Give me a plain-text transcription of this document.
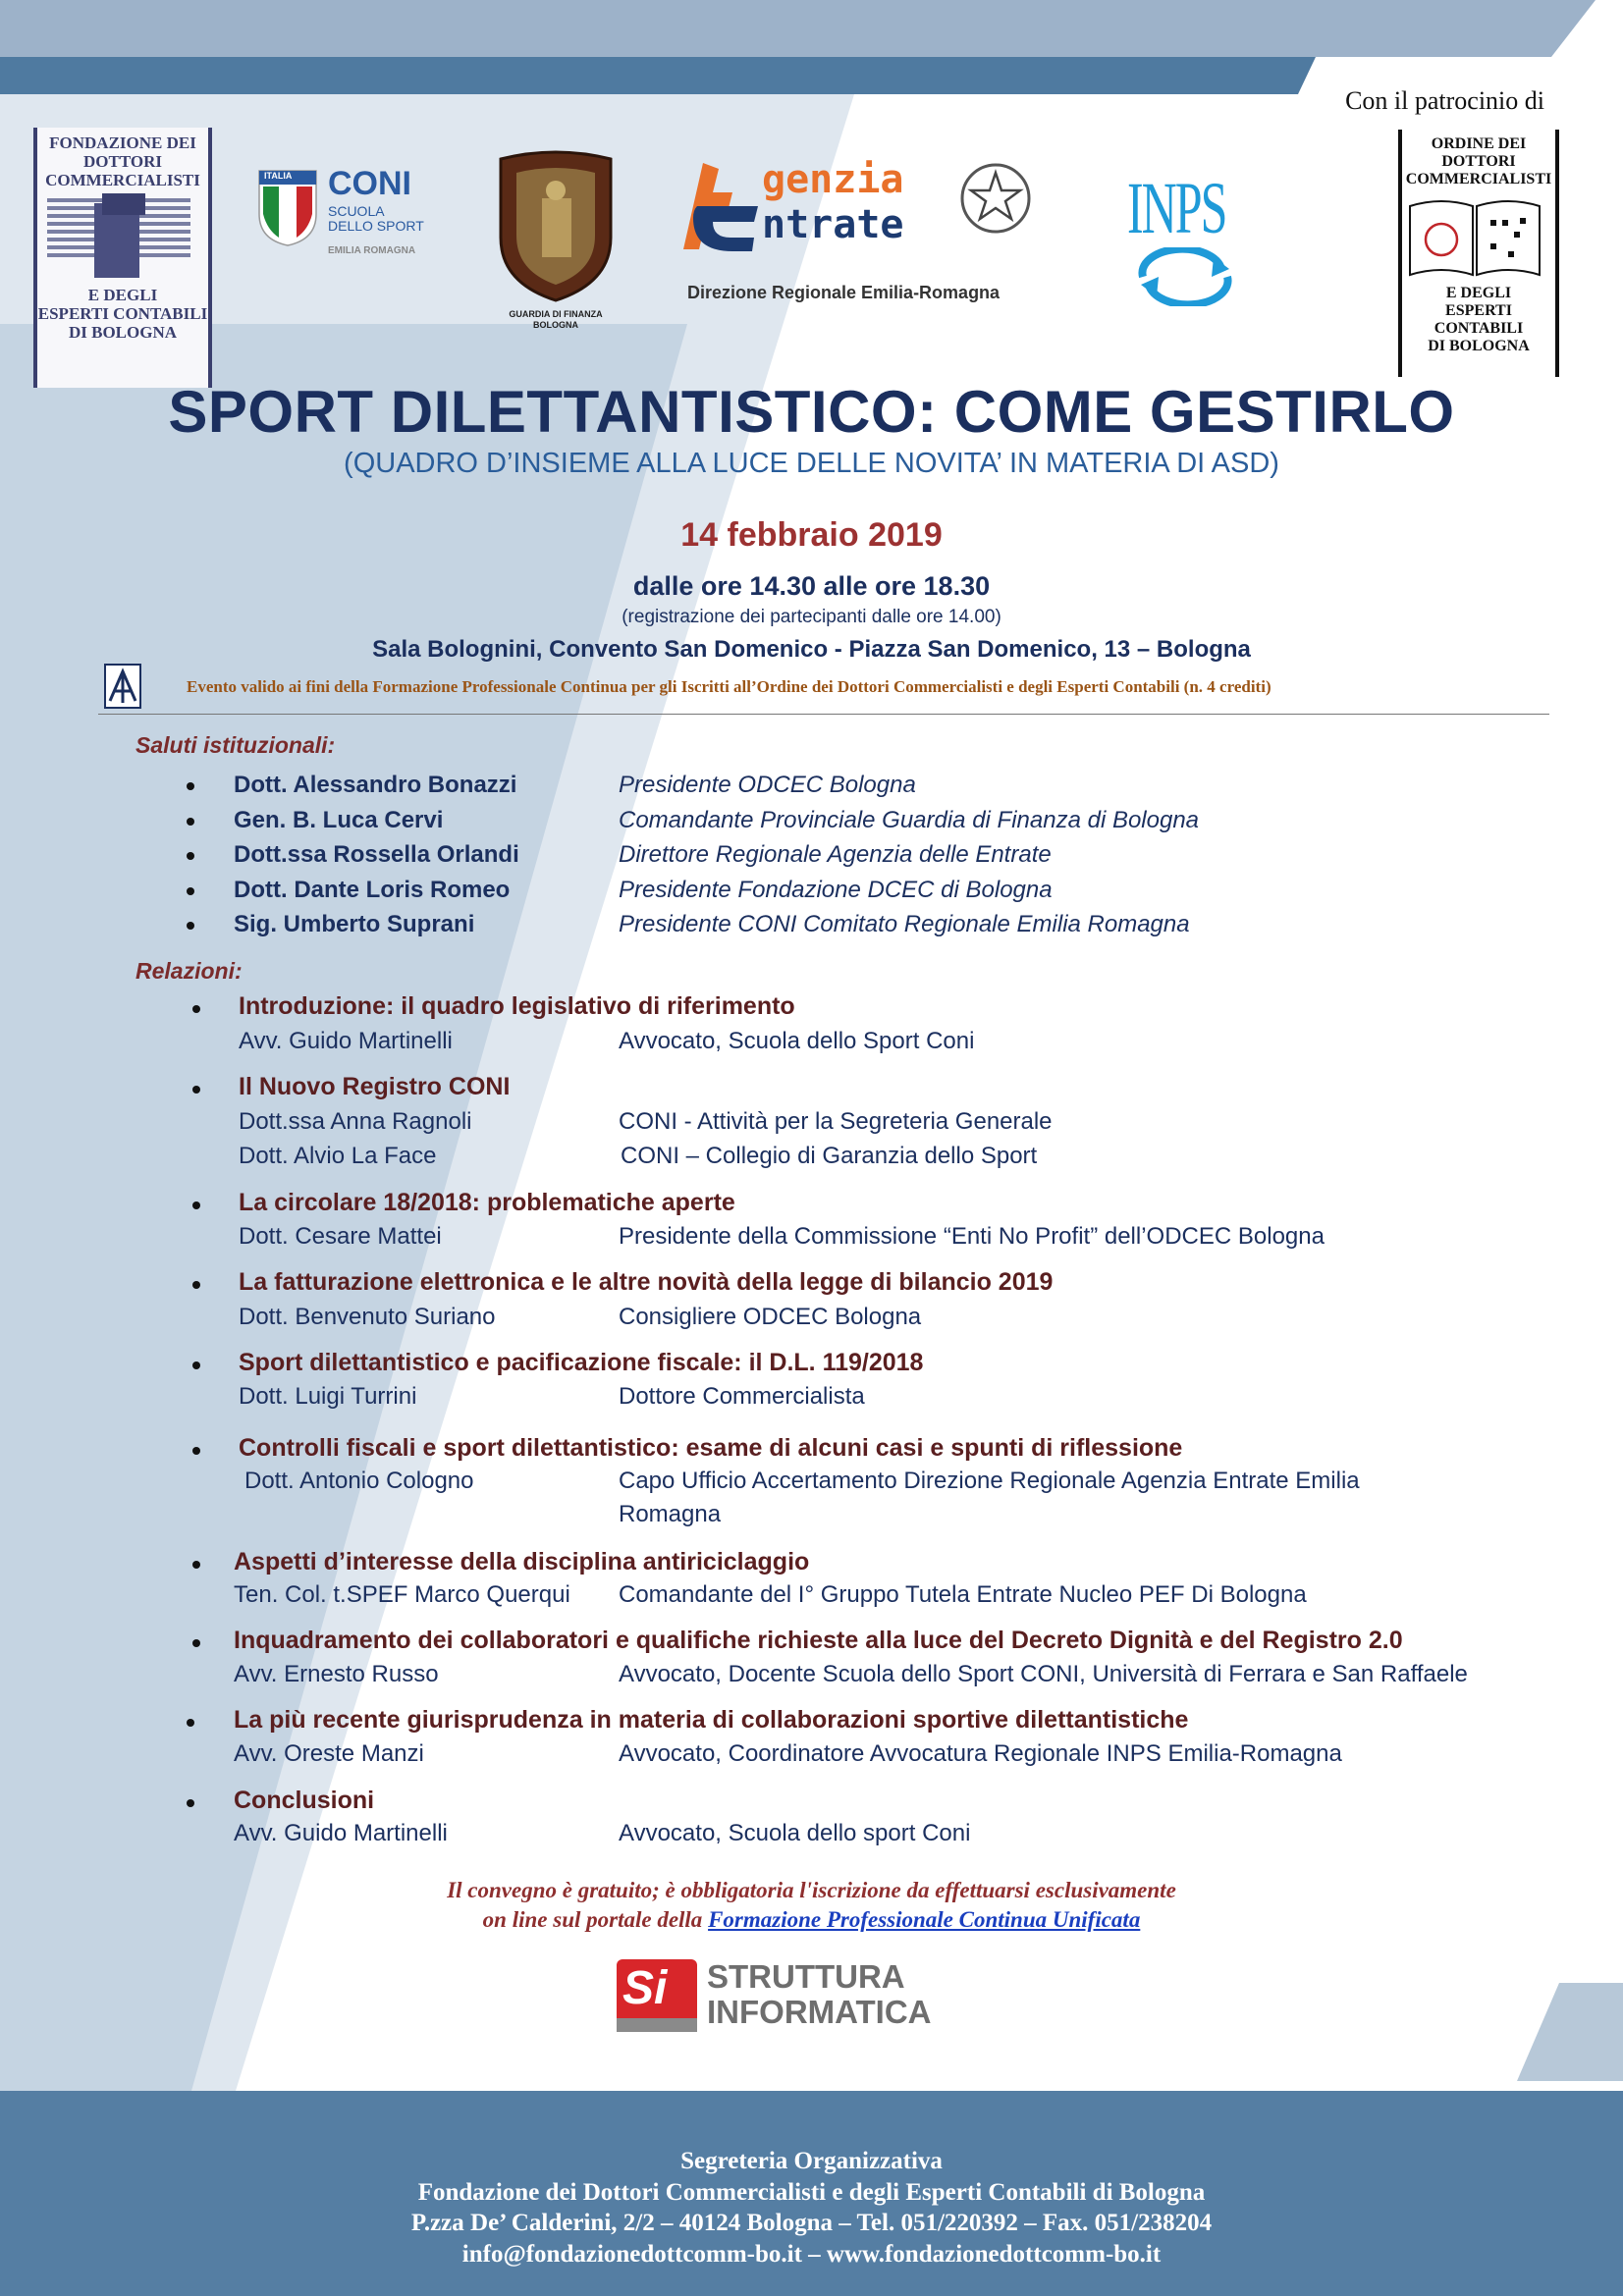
Con il patrocinio di
FONDAZIONE DEI
DOTTORI
COMMERCIALISTI
E DEGLI
ESPERTI CONTABILI
DI BOLOGNA
ITALIA CONI
SCUOLA
DELLO SPORT
EMILIA ROMAGNA
GUARDIA DI FINANZA
BOLOGNA
genzia
ntrate
Direzione Regionale Emilia-Romagna
INPS
ORDINE DEI
DOTTORI
COMMERCIALISTI
E DEGLI
ESPERTI CONTABILI
DI BOLOGNA
SPORT DILETTANTISTICO: COME GESTIRLO
(QUADRO D’INSIEME ALLA LUCE DELLE NOVITA’ IN MATERIA DI ASD)
14 febbraio 2019
dalle ore 14.30 alle ore 18.30
(registrazione dei partecipanti dalle ore 14.00)
Sala Bolognini, Convento San Domenico - Piazza San Domenico, 13 – Bologna
Evento valido ai fini della Formazione Professionale Continua per gli Iscritti all’Ordine dei Dottori Commercialisti e degli Esperti Contabili (n. 4 crediti)
Saluti istituzionali:
Dott. Alessandro Bonazzi	Presidente ODCEC Bologna
Gen. B. Luca Cervi	Comandante Provinciale Guardia di Finanza di Bologna
Dott.ssa Rossella Orlandi	Direttore Regionale Agenzia delle Entrate
Dott. Dante Loris Romeo	Presidente Fondazione DCEC di Bologna
Sig. Umberto Suprani	Presidente CONI Comitato Regionale Emilia Romagna
Relazioni:
Introduzione: il quadro legislativo di riferimento
Avv. Guido Martinelli	Avvocato, Scuola dello Sport Coni
Il Nuovo Registro CONI
Dott.ssa Anna Ragnoli	CONI - Attività per la Segreteria Generale
Dott. Alvio La Face	CONI – Collegio di Garanzia dello Sport
La circolare 18/2018: problematiche aperte
Dott. Cesare Mattei	Presidente della Commissione “Enti No Profit” dell’ODCEC Bologna
La fatturazione elettronica e le altre novità della legge di bilancio 2019
Dott. Benvenuto Suriano	Consigliere ODCEC Bologna
Sport dilettantistico e pacificazione fiscale: il D.L. 119/2018
Dott. Luigi Turrini	Dottore Commercialista
Controlli fiscali e sport dilettantistico: esame di alcuni casi e spunti di riflessione
Dott. Antonio Cologno	Capo Ufficio Accertamento Direzione Regionale Agenzia Entrate Emilia
Romagna
Aspetti d’interesse della disciplina antiriciclaggio
Ten. Col. t.SPEF Marco Querqui Comandante del I° Gruppo Tutela Entrate Nucleo PEF Di Bologna
Inquadramento dei collaboratori e qualifiche richieste alla luce del Decreto Dignità e del Registro 2.0
Avv. Ernesto Russo	Avvocato, Docente Scuola dello Sport CONI, Università di Ferrara e San Raffaele
La più recente giurisprudenza in materia di collaborazioni sportive dilettantistiche
Avv. Oreste Manzi	Avvocato, Coordinatore Avvocatura Regionale INPS Emilia-Romagna
Conclusioni
Avv. Guido Martinelli	Avvocato, Scuola dello sport Coni
Il convegno è gratuito; è obbligatoria l'iscrizione da effettuarsi esclusivamente
on line sul portale della Formazione Professionale Continua Unificata
Si STRUTTURA
INFORMATICA
Segreteria Organizzativa
Fondazione dei Dottori Commercialisti e degli Esperti Contabili di Bologna
P.zza De’ Calderini, 2/2 – 40124 Bologna – Tel. 051/220392 – Fax. 051/238204
info@fondazionedottcomm-bo.it – www.fondazionedottcomm-bo.it
